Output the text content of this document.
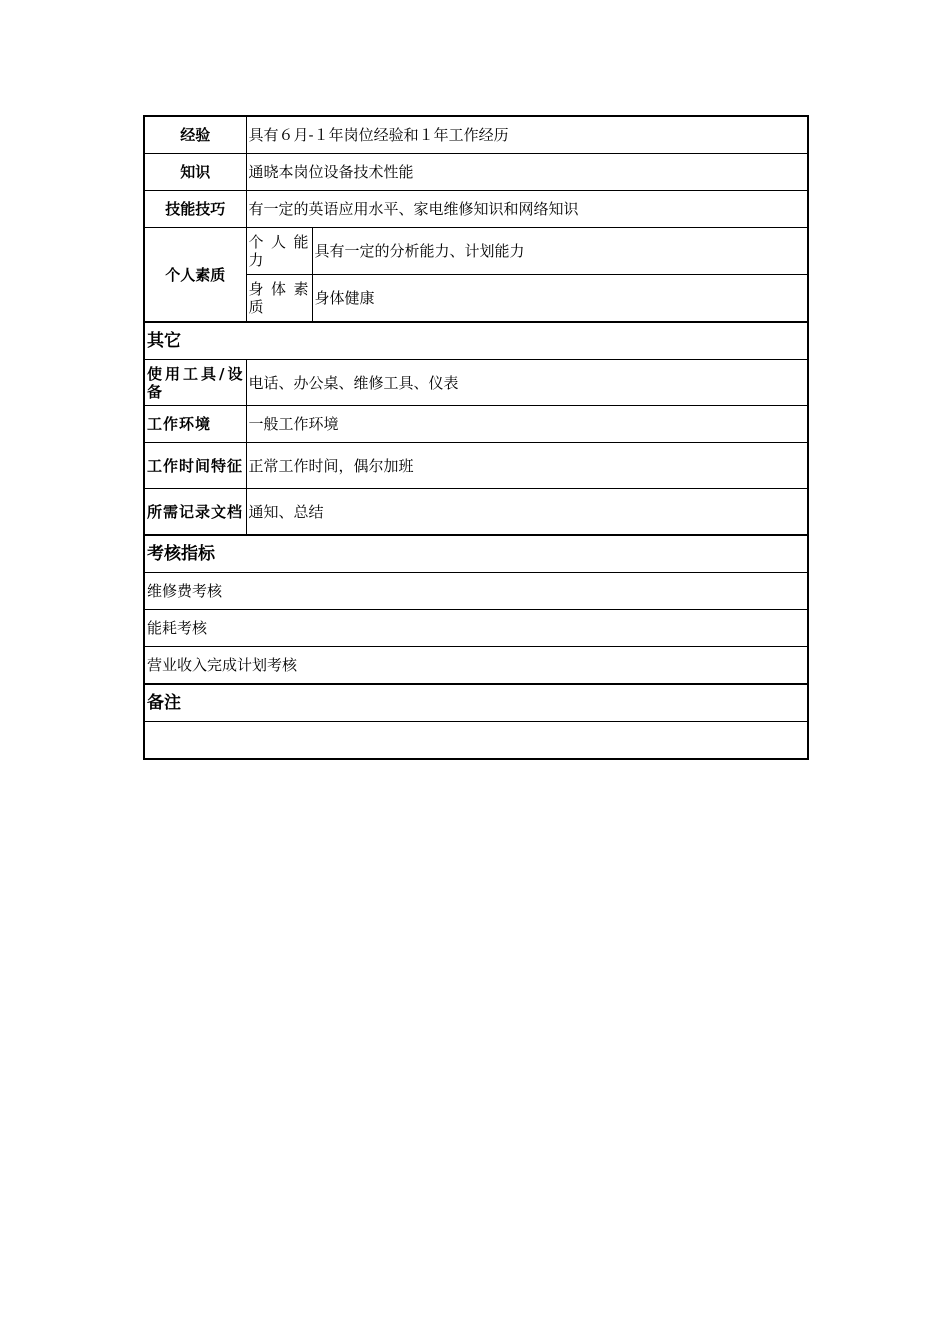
经验	具有６月-１年岗位经验和１年工作经历	
知识	通晓本岗位设备技术性能	
技能技巧	有一定的英语应用水平、家电维修知识和网络知识	
个人素质	个人能力	具有一定的分析能力、计划能力
	身体素质	身体健康
其它		
使用工具/设备	电话、办公桌、维修工具、仪表	
工作环境	一般工作环境	
工作时间特征	正常工作时间，偶尔加班	
所需记录文档	通知、总结	
考核指标		
维修费考核		
能耗考核		
营业收入完成计划考核		
备注		
